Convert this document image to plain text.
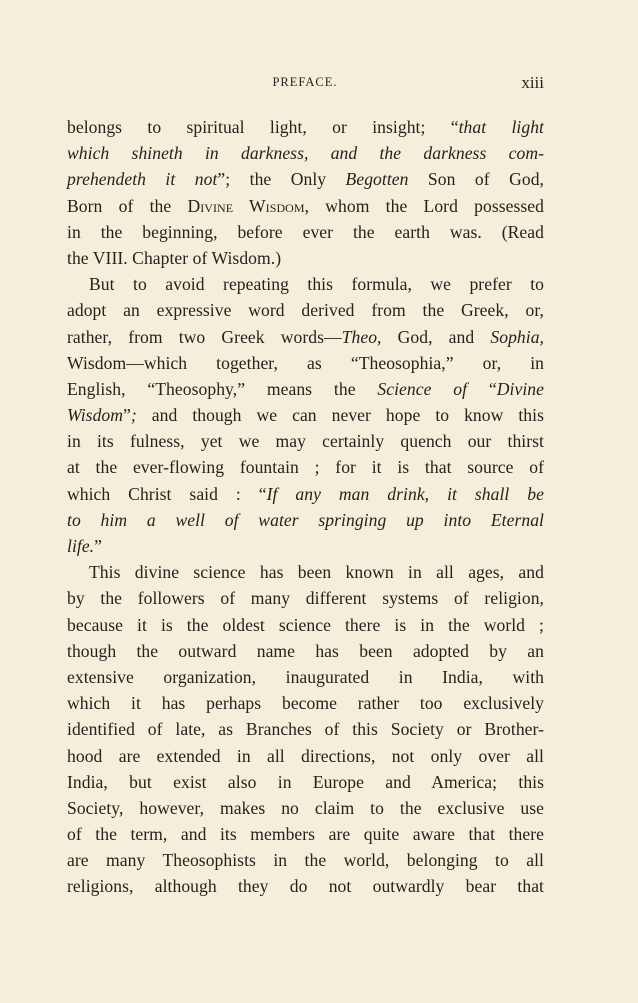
PREFACE.	xiii
belongs to spiritual light, or insight; “that light
which shineth in darkness, and the darkness com-
prehendeth it not”; the Only Begotten Son of God,
Born of the Divine Wisdom, whom the Lord possessed
in the beginning, before ever the earth was. (Read
the VIII. Chapter of Wisdom.)
But to avoid repeating this formula, we prefer to
adopt an expressive word derived from the Greek, or,
rather, from two Greek words—Theo, God, and Sophia,
Wisdom—which together, as “Theosophia,” or, in
English, “Theosophy,” means the Science of “Divine
Wisdom”; and though we can never hope to know this
in its fulness, yet we may certainly quench our thirst
at the ever-flowing fountain ; for it is that source of
which Christ said : “If any man drink, it shall be
to him a well of water springing up into Eternal
life.”
This divine science has been known in all ages, and
by the followers of many different systems of religion,
because it is the oldest science there is in the world ;
though the outward name has been adopted by an
extensive organization, inaugurated in India, with
which it has perhaps become rather too exclusively
identified of late, as Branches of this Society or Brother-
hood are extended in all directions, not only over all
India, but exist also in Europe and America; this
Society, however, makes no claim to the exclusive use
of the term, and its members are quite aware that there
are many Theosophists in the world, belonging to all
religions, although they do not outwardly bear that
